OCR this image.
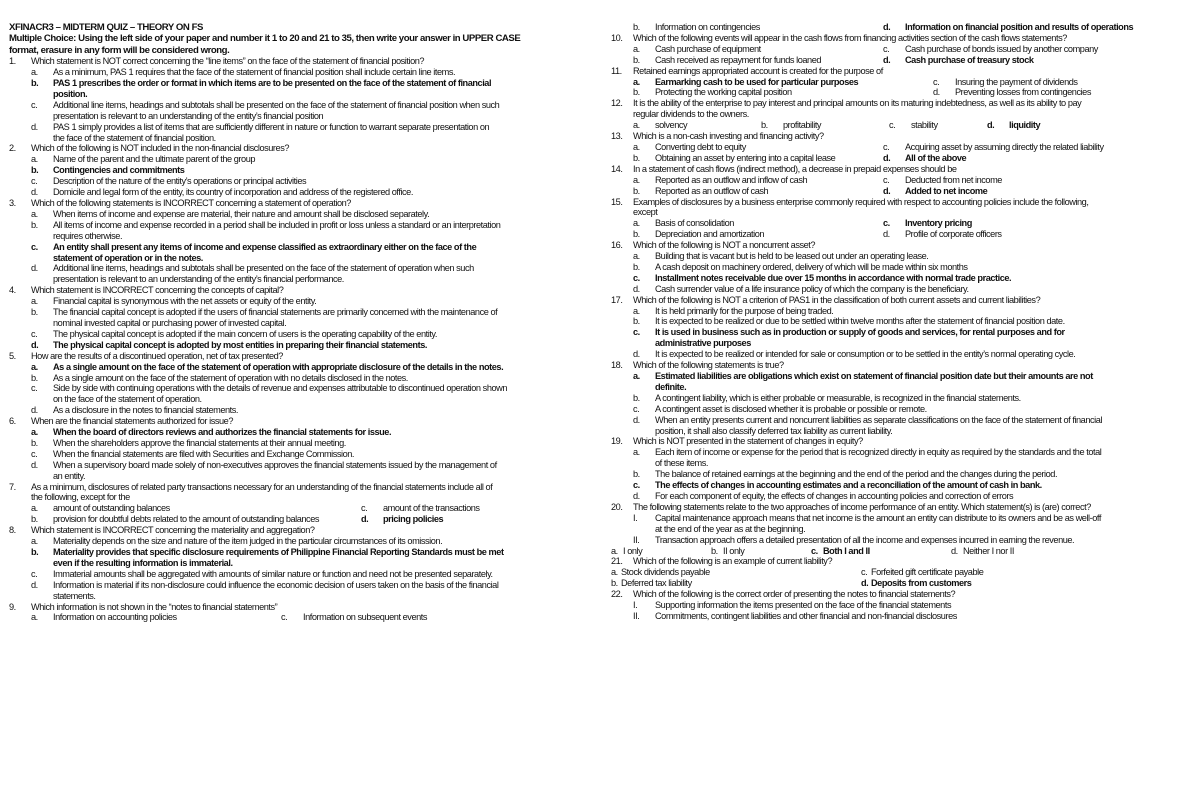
XFINACR3 – MIDTERM QUIZ – THEORY ON FS
Multiple Choice: Using the left side of your paper and number it 1 to 20 and 21 to 35, then write your answer in UPPER CASE
format, erasure in any form will be considered wrong.
1.	Which statement is NOT correct concerning the “line items” on the face of the statement of financial position?
a.	As a minimum, PAS 1 requires that the face of the statement of financial position shall include certain line items.
b.	PAS 1 prescribes the order or format in which items are to be presented on the face of the statement of financial
position.
c.	Additional line items, headings and subtotals shall be presented on the face of the statement of financial position when such
presentation is relevant to an understanding of the entity’s financial position
d.	PAS 1 simply provides a list of items that are sufficiently different in nature or function to warrant separate presentation on
the face of the statement of financial position.
2.	Which of the following is NOT included in the non-financial disclosures?
a.	Name of the parent and the ultimate parent of the group
b.	Contingencies and commitments
c.	Description of the nature of the entity’s operations or principal activities
d.	Domicile and legal form of the entity, its country of incorporation and address of the registered office.
3.	Which of the following statements is INCORRECT concerning a statement of operation?
a.	When items of income and expense are material, their nature and amount shall be disclosed separately.
b.	All items of income and expense recorded in a period shall be included in profit or loss unless a standard or an interpretation
requires otherwise.
c.	An entity shall present any items of income and expense classified as extraordinary either on the face of the
statement of operation or in the notes.
d.	Additional line items, headings and subtotals shall be presented on the face of the statement of operation when such
presentation is relevant to an understanding of the entity’s financial performance.
4.	Which statement is INCORRECT concerning the concepts of capital?
a.	Financial capital is synonymous with the net assets or equity of the entity.
b.	The financial capital concept is adopted if the users of financial statements are primarily concerned with the maintenance of
nominal invested capital or purchasing power of invested capital.
c.	The physical capital concept is adopted if the main concern of users is the operating capability of the entity.
d.	The physical capital concept is adopted by most entities in preparing their financial statements.
5.	How are the results of a discontinued operation, net of tax presented?
a.	As a single amount on the face of the statement of operation with appropriate disclosure of the details in the notes.
b.	As a single amount on the face of the statement of operation with no details disclosed in the notes.
c.	Side by side with continuing operations with the details of revenue and expenses attributable to discontinued operation shown
on the face of the statement of operation.
d.	As a disclosure in the notes to financial statements.
6.	When are the financial statements authorized for issue?
a.	When the board of directors reviews and authorizes the financial statements for issue.
b.	When the shareholders approve the financial statements at their annual meeting.
c.	When the financial statements are filed with Securities and Exchange Commission.
d.	When a supervisory board made solely of non-executives approves the financial statements issued by the management of
an entity.
7.	As a minimum, disclosures of related party transactions necessary for an understanding of the financial statements include all of
the following, except for the
a.	amount of outstanding balances	c.	amount of the transactions
b.	provision for doubtful debts related to the amount of outstanding balances	d.	pricing policies
8.	Which statement is INCORRECT concerning the materiality and aggregation?
a.	Materiality depends on the size and nature of the item judged in the particular circumstances of its omission.
b.	Materiality provides that specific disclosure requirements of Philippine Financial Reporting Standards must be met
even if the resulting information is immaterial.
c.	Immaterial amounts shall be aggregated with amounts of similar nature or function and need not be presented separately.
d.	Information is material if its non-disclosure could influence the economic decision of users taken on the basis of the financial
statements.
9.	Which information is not shown in the “notes to financial statements”
a.	Information on accounting policies	c.	Information on subsequent events
b.	Information on contingencies	d.	Information on financial position and results of operations
10.	Which of the following events will appear in the cash flows from financing activities section of the cash flows statements?
a.	Cash purchase of equipment	c.	Cash purchase of bonds issued by another company
b.	Cash received as repayment for funds loaned	d.	Cash purchase of treasury stock
11.	Retained earnings appropriated account is created for the purpose of
a.	Earmarking cash to be used for particular purposes	c.	Insuring the payment of dividends
b.	Protecting the working capital position	d.	Preventing losses from contingencies
12.	It is the ability of the enterprise to pay interest and principal amounts on its maturing indebtedness, as well as its ability to pay
regular dividends to the owners.
a.	solvency	b.	profitability	c.	stability	d.	liquidity
13.	Which is a non-cash investing and financing activity?
a.	Converting debt to equity	c.	Acquiring asset by assuming directly the related liability
b.	Obtaining an asset by entering into a capital lease	d.	All of the above
14.	In a statement of cash flows (indirect method), a decrease in prepaid expenses should be
a.	Reported as an outflow and inflow of cash	c.	Deducted from net income
b.	Reported as an outflow of cash	d.	Added to net income
15.	Examples of disclosures by a business enterprise commonly required with respect to accounting policies include the following,
except
a.	Basis of consolidation	c.	Inventory pricing
b.	Depreciation and amortization	d.	Profile of corporate officers
16.	Which of the following is NOT a noncurrent asset?
a.	Building that is vacant but is held to be leased out under an operating lease.
b.	A cash deposit on machinery ordered, delivery of which will be made within six months
c.	Installment notes receivable due over 15 months in accordance with normal trade practice.
d.	Cash surrender value of a life insurance policy of which the company is the beneficiary.
17.	Which of the following is NOT a criterion of PAS1 in the classification of both current assets and current liabilities?
a.	It is held primarily for the purpose of being traded.
b.	It is expected to be realized or due to be settled within twelve months after the statement of financial position date.
c.	It is used in business such as in production or supply of goods and services, for rental purposes and for
administrative purposes
d.	It is expected to be realized or intended for sale or consumption or to be settled in the entity’s normal operating cycle.
18.	Which of the following statements is true?
a.	Estimated liabilities are obligations which exist on statement of financial position date but their amounts are not
definite.
b.	A contingent liability, which is either probable or measurable, is recognized in the financial statements.
c.	A contingent asset is disclosed whether it is probable or possible or remote.
d.	When an entity presents current and noncurrent liabilities as separate classifications on the face of the statement of financial
position, it shall also classify deferred tax liability as current liability.
19.	Which is NOT presented in the statement of changes in equity?
a.	Each item of income or expense for the period that is recognized directly in equity as required by the standards and the total
of these items.
b.	The balance of retained earnings at the beginning and the end of the period and the changes during the period.
c.	The effects of changes in accounting estimates and a reconciliation of the amount of cash in bank.
d.	For each component of equity, the effects of changes in accounting policies and correction of errors
20.	The following statements relate to the two approaches of income performance of an entity. Which statement(s) is (are) correct?
I.	Capital maintenance approach means that net income is the amount an entity can distribute to its owners and be as well-off
at the end of the year as at the beginning.
II.	Transaction approach offers a detailed presentation of all the income and expenses incurred in earning the revenue.
a. I only	b. II only	c. Both I and II	d. Neither I nor II
21.	Which of the following is an example of current liability?
a. Stock dividends payable	c. Forfeited gift certificate payable
b. Deferred tax liability	d. Deposits from customers
22.	Which of the following is the correct order of presenting the notes to financial statements?
I.	Supporting information the items presented on the face of the financial statements
II.	Commitments, contingent liabilities and other financial and non-financial disclosures
